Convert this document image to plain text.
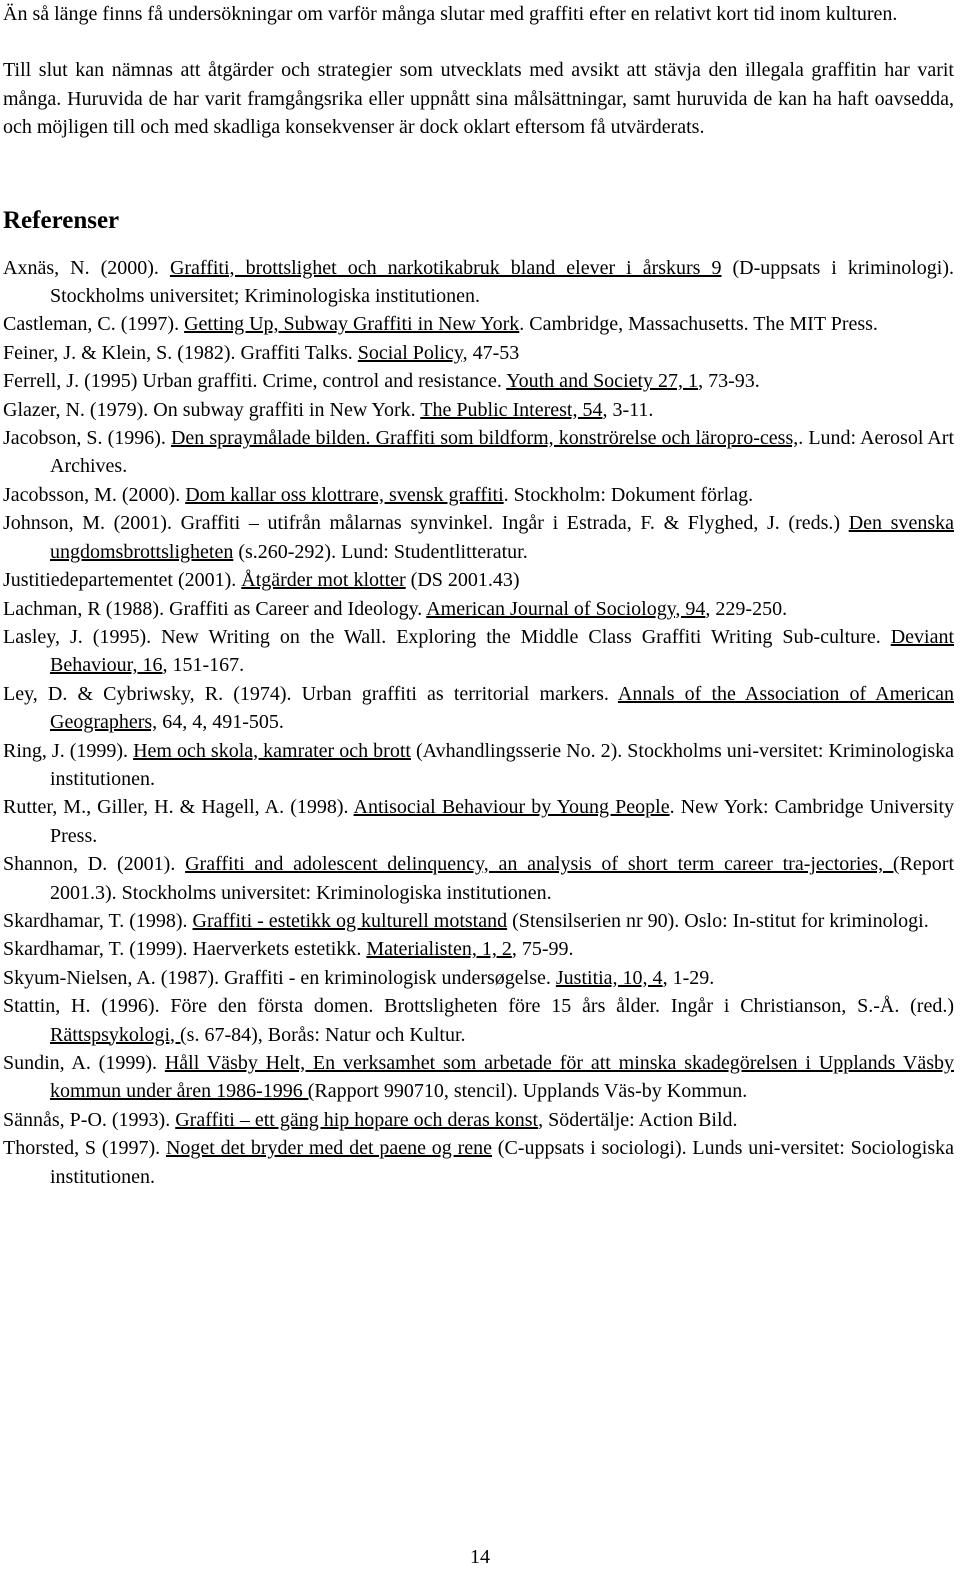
Än så länge finns få undersökningar om varför många slutar med graffiti efter en relativt kort tid inom kulturen.

Till slut kan nämnas att åtgärder och strategier som utvecklats med avsikt att stävja den illegala graffitin har varit många. Huruvida de har varit framgångsrika eller uppnått sina målsättningar, samt huruvida de kan ha haft oavsedda, och möjligen till och med skadliga konsekvenser är dock oklart eftersom få utvärderats.

Referenser

Axnäs, N. (2000). Graffiti, brottslighet och narkotikabruk bland elever i årskurs 9 (D-uppsats i kriminologi). Stockholms universitet; Kriminologiska institutionen.

Castleman, C. (1997). Getting Up, Subway Graffiti in New York. Cambridge, Massachusetts. The MIT Press.

Feiner, J. & Klein, S. (1982). Graffiti Talks. Social Policy, 47-53

Ferrell, J. (1995) Urban graffiti. Crime, control and resistance. Youth and Society 27, 1, 73-93.

Glazer, N. (1979). On subway graffiti in New York. The Public Interest, 54, 3-11.

Jacobson, S. (1996). Den spraymålade bilden. Graffiti som bildform, konströrelse och läropro-cess,. Lund: Aerosol Art Archives.

Jacobsson, M. (2000). Dom kallar oss klottrare, svensk graffiti. Stockholm: Dokument förlag.

Johnson, M. (2001). Graffiti – utifrån målarnas synvinkel. Ingår i Estrada, F. & Flyghed, J. (reds.) Den svenska ungdomsbrottsligheten (s.260-292). Lund: Studentlitteratur.

Justitiedepartementet (2001). Åtgärder mot klotter (DS 2001.43)

Lachman, R (1988). Graffiti as Career and Ideology. American Journal of Sociology, 94, 229-250.

Lasley, J. (1995). New Writing on the Wall. Exploring the Middle Class Graffiti Writing Sub-culture. Deviant Behaviour, 16, 151-167.

Ley, D. & Cybriwsky, R. (1974). Urban graffiti as territorial markers. Annals of the Association of American Geographers, 64, 4, 491-505.

Ring, J. (1999). Hem och skola, kamrater och brott (Avhandlingsserie No. 2). Stockholms uni-versitet: Kriminologiska institutionen.

Rutter, M., Giller, H. & Hagell, A. (1998). Antisocial Behaviour by Young People. New York: Cambridge University Press.

Shannon, D. (2001). Graffiti and adolescent delinquency, an analysis of short term career tra-jectories, (Report 2001.3). Stockholms universitet: Kriminologiska institutionen.

Skardhamar, T. (1998). Graffiti - estetikk og kulturell motstand (Stensilserien nr 90). Oslo: In-stitut for kriminologi.

Skardhamar, T. (1999). Haerverkets estetikk. Materialisten, 1, 2, 75-99.

Skyum-Nielsen, A. (1987). Graffiti - en kriminologisk undersøgelse. Justitia, 10, 4, 1-29.

Stattin, H. (1996). Före den första domen. Brottsligheten före 15 års ålder. Ingår i Christianson, S.-Å. (red.) Rättspsykologi, (s. 67-84), Borås: Natur och Kultur.

Sundin, A. (1999). Håll Väsby Helt, En verksamhet som arbetade för att minska skadegörelsen i Upplands Väsby kommun under åren 1986-1996 (Rapport 990710, stencil). Upplands Väs-by Kommun.

Sännås, P-O. (1993). Graffiti – ett gäng hip hopare och deras konst, Södertälje: Action Bild.

Thorsted, S (1997). Noget det bryder med det paene og rene (C-uppsats i sociologi). Lunds uni-versitet: Sociologiska institutionen.

14
